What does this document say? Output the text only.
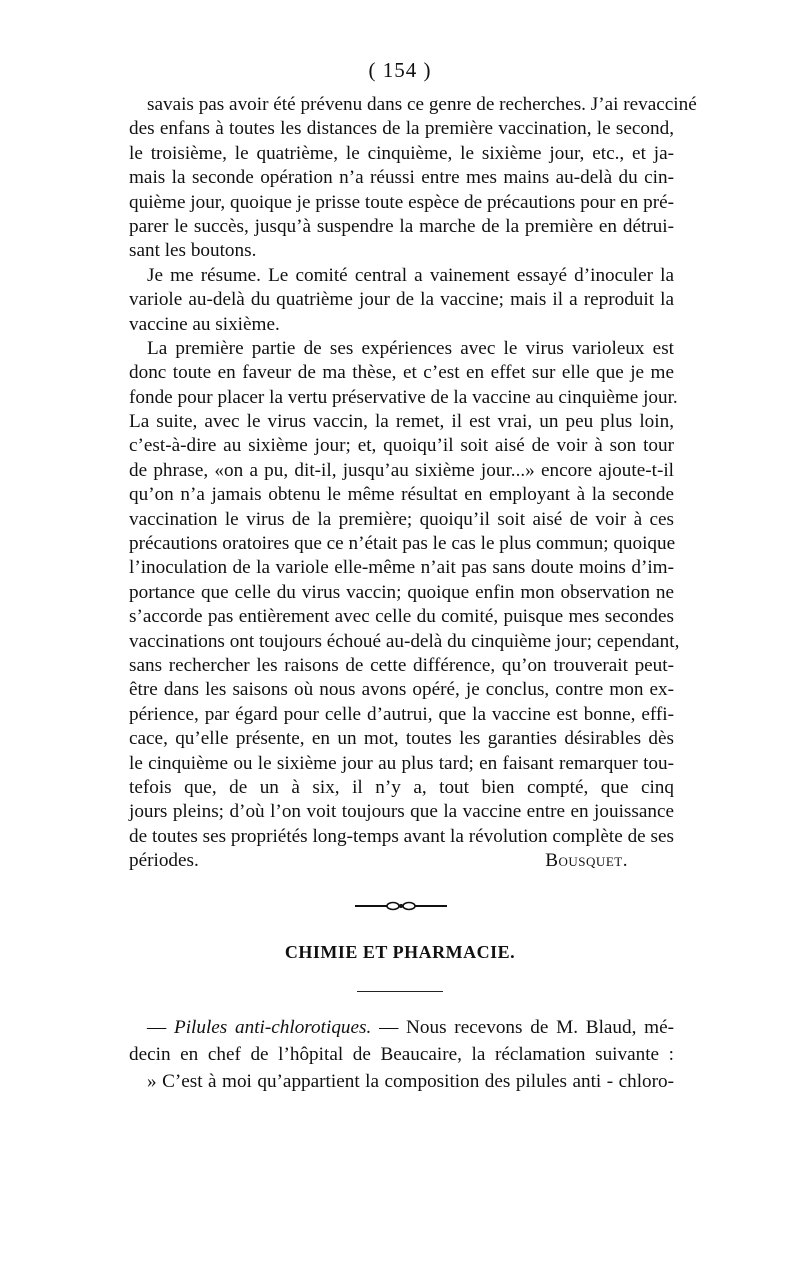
( 154 )
savais pas avoir été prévenu dans ce genre de recherches. J’ai revacciné
des enfans à toutes les distances de la première vaccination, le second,
le troisième, le quatrième, le cinquième, le sixième jour, etc., et ja-
mais la seconde opération n’a réussi entre mes mains au-delà du cin-
quième jour, quoique je prisse toute espèce de précautions pour en pré-
parer le succès, jusqu’à suspendre la marche de la première en détrui-
sant les boutons.
Je me résume. Le comité central a vainement essayé d’inoculer la
variole au-delà du quatrième jour de la vaccine; mais il a reproduit la
vaccine au sixième.
La première partie de ses expériences avec le virus varioleux est
donc toute en faveur de ma thèse, et c’est en effet sur elle que je me
fonde pour placer la vertu préservative de la vaccine au cinquième jour.
La suite, avec le virus vaccin, la remet, il est vrai, un peu plus loin,
c’est-à-dire au sixième jour; et, quoiqu’il soit aisé de voir à son tour
de phrase, «on a pu, dit-il, jusqu’au sixième jour...» encore ajoute-t-il
qu’on n’a jamais obtenu le même résultat en employant à la seconde
vaccination le virus de la première; quoiqu’il soit aisé de voir à ces
précautions oratoires que ce n’était pas le cas le plus commun; quoique
l’inoculation de la variole elle-même n’ait pas sans doute moins d’im-
portance que celle du virus vaccin; quoique enfin mon observation ne
s’accorde pas entièrement avec celle du comité, puisque mes secondes
vaccinations ont toujours échoué au-delà du cinquième jour; cependant,
sans rechercher les raisons de cette différence, qu’on trouverait peut-
être dans les saisons où nous avons opéré, je conclus, contre mon ex-
périence, par égard pour celle d’autrui, que la vaccine est bonne, effi-
cace, qu’elle présente, en un mot, toutes les garanties désirables dès
le cinquième ou le sixième jour au plus tard; en faisant remarquer tou-
tefois que, de un à six, il n’y a, tout bien compté, que cinq
jours pleins; d’où l’on voit toujours que la vaccine entre en jouissance
de toutes ses propriétés long-temps avant la révolution complète de ses
périodes.	Bousquet.
CHIMIE ET PHARMACIE.
— Pilules anti-chlorotiques. — Nous recevons de M. Blaud, mé-
decin en chef de l’hôpital de Beaucaire, la réclamation suivante :
» C’est à moi qu’appartient la composition des pilules anti - chloro-
